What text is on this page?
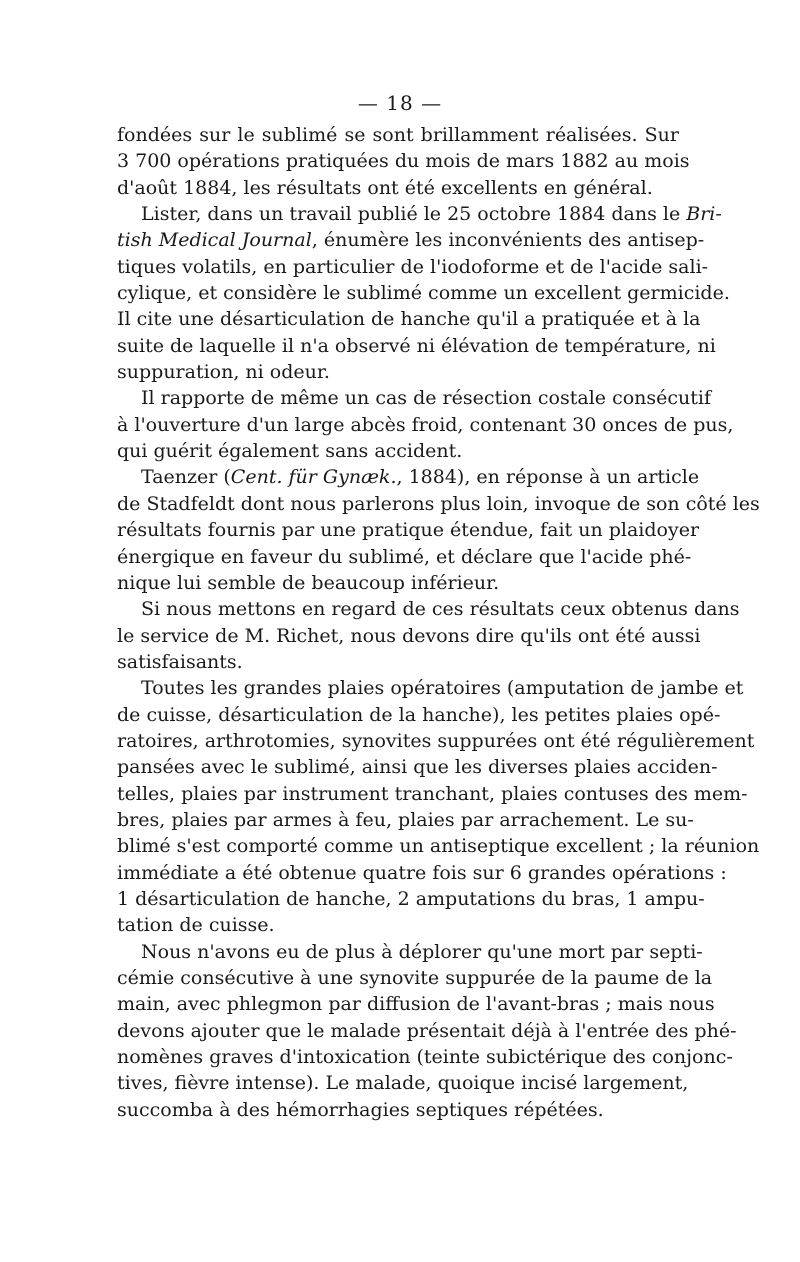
— 18 —

fondées sur le sublimé se sont brillamment réalisées. Sur
3 700 opérations pratiquées du mois de mars 1882 au mois
d'août 1884, les résultats ont été excellents en général.

Lister, dans un travail publié le 25 octobre 1884 dans le Bri-
tish Medical Journal, énumère les inconvénients des antisep-
tiques volatils, en particulier de l'iodoforme et de l'acide sali-
cylique, et considère le sublimé comme un excellent germicide.
Il cite une désarticulation de hanche qu'il a pratiquée et à la
suite de laquelle il n'a observé ni élévation de température, ni
suppuration, ni odeur.

Il rapporte de même un cas de résection costale consécutif
à l'ouverture d'un large abcès froid, contenant 30 onces de pus,
qui guérit également sans accident.

Taenzer (Cent. für Gynæk., 1884), en réponse à un article
de Stadfeldt dont nous parlerons plus loin, invoque de son côté les
résultats fournis par une pratique étendue, fait un plaidoyer
énergique en faveur du sublimé, et déclare que l'acide phé-
nique lui semble de beaucoup inférieur.

Si nous mettons en regard de ces résultats ceux obtenus dans
le service de M. Richet, nous devons dire qu'ils ont été aussi
satisfaisants.

Toutes les grandes plaies opératoires (amputation de jambe et
de cuisse, désarticulation de la hanche), les petites plaies opé-
ratoires, arthrotomies, synovites suppurées ont été régulièrement
pansées avec le sublimé, ainsi que les diverses plaies acciden-
telles, plaies par instrument tranchant, plaies contuses des mem-
bres, plaies par armes à feu, plaies par arrachement. Le su-
blimé s'est comporté comme un antiseptique excellent ; la réunion
immédiate a été obtenue quatre fois sur 6 grandes opérations :
1 désarticulation de hanche, 2 amputations du bras, 1 ampu-
tation de cuisse.

Nous n'avons eu de plus à déplorer qu'une mort par septi-
cémie consécutive à une synovite suppurée de la paume de la
main, avec phlegmon par diffusion de l'avant-bras ; mais nous
devons ajouter que le malade présentait déjà à l'entrée des phé-
nomènes graves d'intoxication (teinte subictérique des conjonc-
tives, fièvre intense). Le malade, quoique incisé largement,
succomba à des hémorrhagies septiques répétées.
